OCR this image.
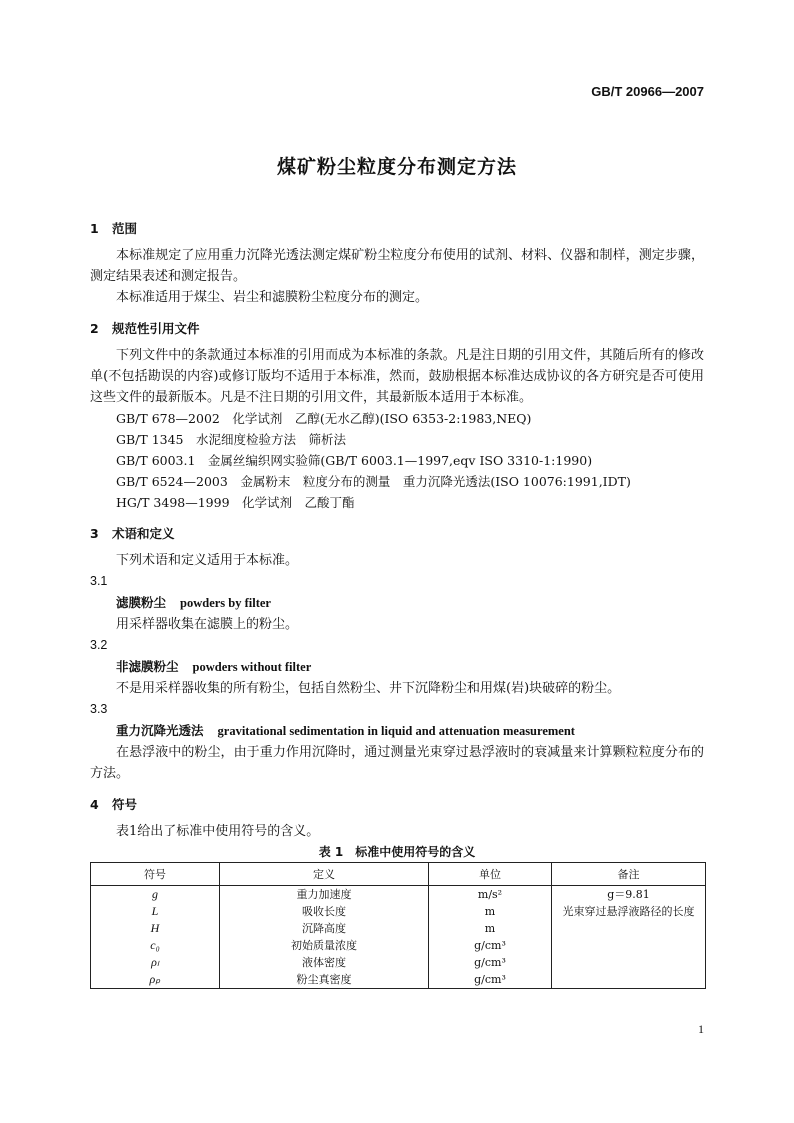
GB/T 20966—2007
煤矿粉尘粒度分布测定方法

1 范围

本标准规定了应用重力沉降光透法测定煤矿粉尘粒度分布使用的试剂、材料、仪器和制样，测定步骤，测定结果表述和测定报告。

本标准适用于煤尘、岩尘和滤膜粉尘粒度分布的测定。

2 规范性引用文件

下列文件中的条款通过本标准的引用而成为本标准的条款。凡是注日期的引用文件，其随后所有的修改单(不包括勘误的内容)或修订版均不适用于本标准，然而，鼓励根据本标准达成协议的各方研究是否可使用这些文件的最新版本。凡是不注日期的引用文件，其最新版本适用于本标准。

GB/T 678—2002　化学试剂　乙醇(无水乙醇)(ISO 6353-2:1983,NEQ)

GB/T 1345　水泥细度检验方法　筛析法

GB/T 6003.1　金属丝编织网实验筛(GB/T 6003.1—1997,eqv ISO 3310-1:1990)

GB/T 6524—2003　金属粉末　粒度分布的测量　重力沉降光透法(ISO 10076:1991,IDT)

HG/T 3498—1999　化学试剂　乙酸丁酯

3 术语和定义

下列术语和定义适用于本标准。

3.1

滤膜粉尘 powders by filter

用采样器收集在滤膜上的粉尘。

3.2

非滤膜粉尘 powders without filter

不是用采样器收集的所有粉尘，包括自然粉尘、井下沉降粉尘和用煤(岩)块破碎的粉尘。

3.3

重力沉降光透法 gravitational sedimentation in liquid and attenuation measurement

在悬浮液中的粉尘，由于重力作用沉降时，通过测量光束穿过悬浮液时的衰减量来计算颗粒粒度分布的方法。

4 符号

表1给出了标准中使用符号的含义。

表 1　标准中使用符号的含义

符号	定义	单位	备注
g	重力加速度	m/s²	g＝9.81
L	吸收长度	m	光束穿过悬浮液路径的长度
H	沉降高度	m	
c₀	初始质量浓度	g/cm³	
ρₗ	液体密度	g/cm³	
ρₚ	粉尘真密度	g/cm³	
1
